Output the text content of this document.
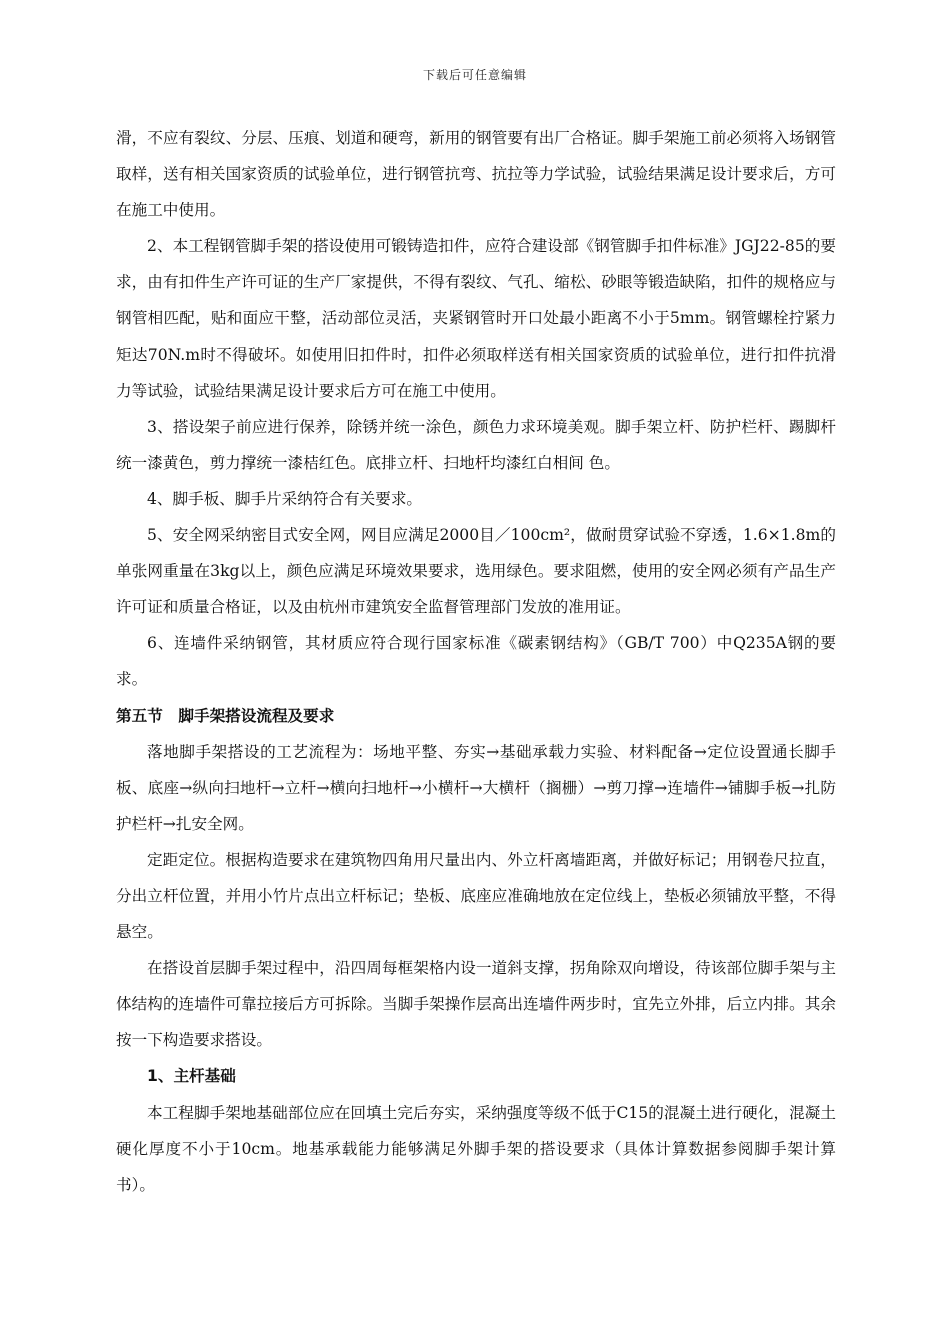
下载后可任意编辑

滑，不应有裂纹、分层、压痕、划道和硬弯，新用的钢管要有出厂合格证。脚手架施工前必须将入场钢管取样，送有相关国家资质的试验单位，进行钢管抗弯、抗拉等力学试验，试验结果满足设计要求后，方可在施工中使用。

2、本工程钢管脚手架的搭设使用可锻铸造扣件，应符合建设部《钢管脚手扣件标准》JGJ22-85的要求，由有扣件生产许可证的生产厂家提供，不得有裂纹、气孔、缩松、砂眼等锻造缺陷，扣件的规格应与钢管相匹配，贴和面应干整，活动部位灵活，夹紧钢管时开口处最小距离不小于5mm。钢管螺栓拧紧力矩达70N.m时不得破坏。如使用旧扣件时，扣件必须取样送有相关国家资质的试验单位，进行扣件抗滑力等试验，试验结果满足设计要求后方可在施工中使用。

3、搭设架子前应进行保养，除锈并统一涂色，颜色力求环境美观。脚手架立杆、防护栏杆、踢脚杆统一漆黄色，剪力撑统一漆桔红色。底排立杆、扫地杆均漆红白相间 色。

4、脚手板、脚手片采纳符合有关要求。

5、安全网采纳密目式安全网，网目应满足2000目／100cm²，做耐贯穿试验不穿透，1.6×1.8m的单张网重量在3kg以上，颜色应满足环境效果要求，选用绿色。要求阻燃，使用的安全网必须有产品生产许可证和质量合格证，以及由杭州市建筑安全监督管理部门发放的准用证。

6、连墙件采纳钢管，其材质应符合现行国家标准《碳素钢结构》（GB/T 700）中Q235A钢的要求。

第五节　脚手架搭设流程及要求

落地脚手架搭设的工艺流程为：场地平整、夯实→基础承载力实验、材料配备→定位设置通长脚手板、底座→纵向扫地杆→立杆→横向扫地杆→小横杆→大横杆（搁栅）→剪刀撑→连墙件→铺脚手板→扎防护栏杆→扎安全网。

定距定位。根据构造要求在建筑物四角用尺量出内、外立杆离墙距离，并做好标记；用钢卷尺拉直，分出立杆位置，并用小竹片点出立杆标记；垫板、底座应准确地放在定位线上，垫板必须铺放平整，不得悬空。

在搭设首层脚手架过程中，沿四周每框架格内设一道斜支撑，拐角除双向增设，待该部位脚手架与主体结构的连墙件可靠拉接后方可拆除。当脚手架操作层高出连墙件两步时，宜先立外排，后立内排。其余按一下构造要求搭设。

1、主杆基础

本工程脚手架地基础部位应在回填土完后夯实，采纳强度等级不低于C15的混凝土进行硬化，混凝土硬化厚度不小于10cm。地基承载能力能够满足外脚手架的搭设要求（具体计算数据参阅脚手架计算书）。
